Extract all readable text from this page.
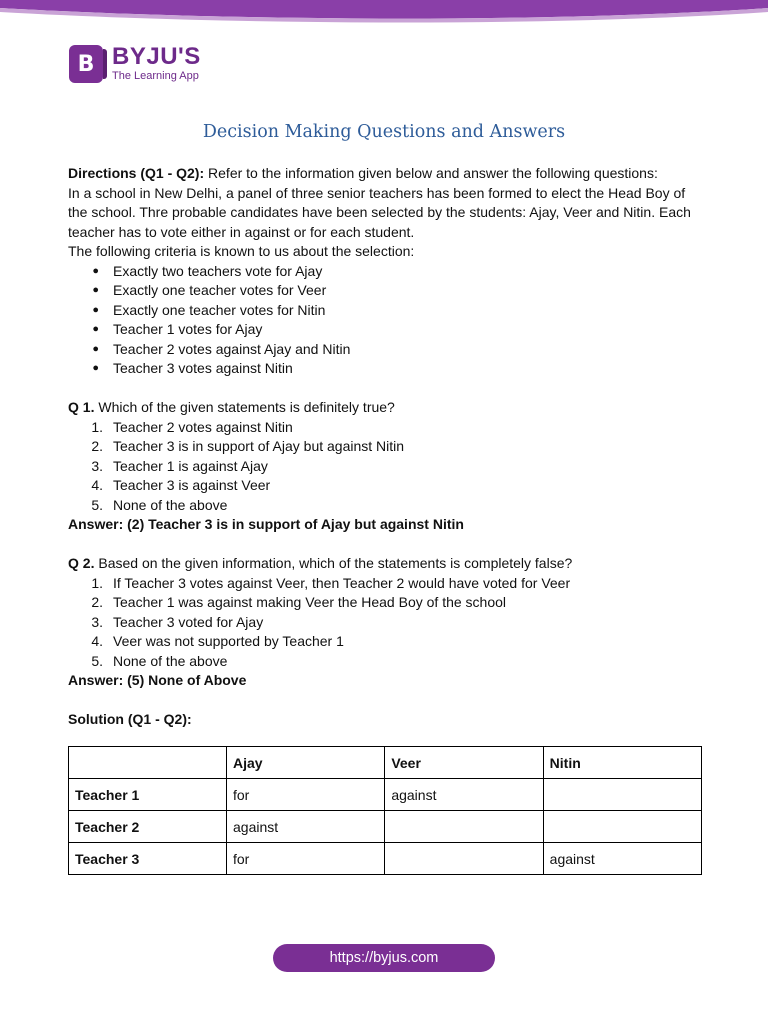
B BYJU'S
The Learning App
Decision Making Questions and Answers

Directions (Q1 - Q2): Refer to the information given below and answer the following questions:

In a school in New Delhi, a panel of three senior teachers has been formed to elect the Head Boy of the school. Thre probable candidates have been selected by the students: Ajay, Veer and Nitin. Each teacher has to vote either in against or for each student.

The following criteria is known to us about the selection:

●	Exactly two teachers vote for Ajay
●	Exactly one teacher votes for Veer
●	Exactly one teacher votes for Nitin
●	Teacher 1 votes for Ajay
●	Teacher 2 votes against Ajay and Nitin
●	Teacher 3 votes against Nitin

Q 1. Which of the given statements is definitely true?

1. Teacher 2 votes against Nitin
2. Teacher 3 is in support of Ajay but against Nitin
3. Teacher 1 is against Ajay
4. Teacher 3 is against Veer
5. None of the above

Answer: (2) Teacher 3 is in support of Ajay but against Nitin

Q 2. Based on the given information, which of the statements is completely false?

1. If Teacher 3 votes against Veer, then Teacher 2 would have voted for Veer
2. Teacher 1 was against making Veer the Head Boy of the school
3. Teacher 3 voted for Ajay
4. Veer was not supported by Teacher 1
5. None of the above

Answer: (5) None of Above

Solution (Q1 - Q2):

	Ajay	Veer	Nitin
Teacher 1	for	against	
Teacher 2	against		
Teacher 3	for		against
https://byjus.com
